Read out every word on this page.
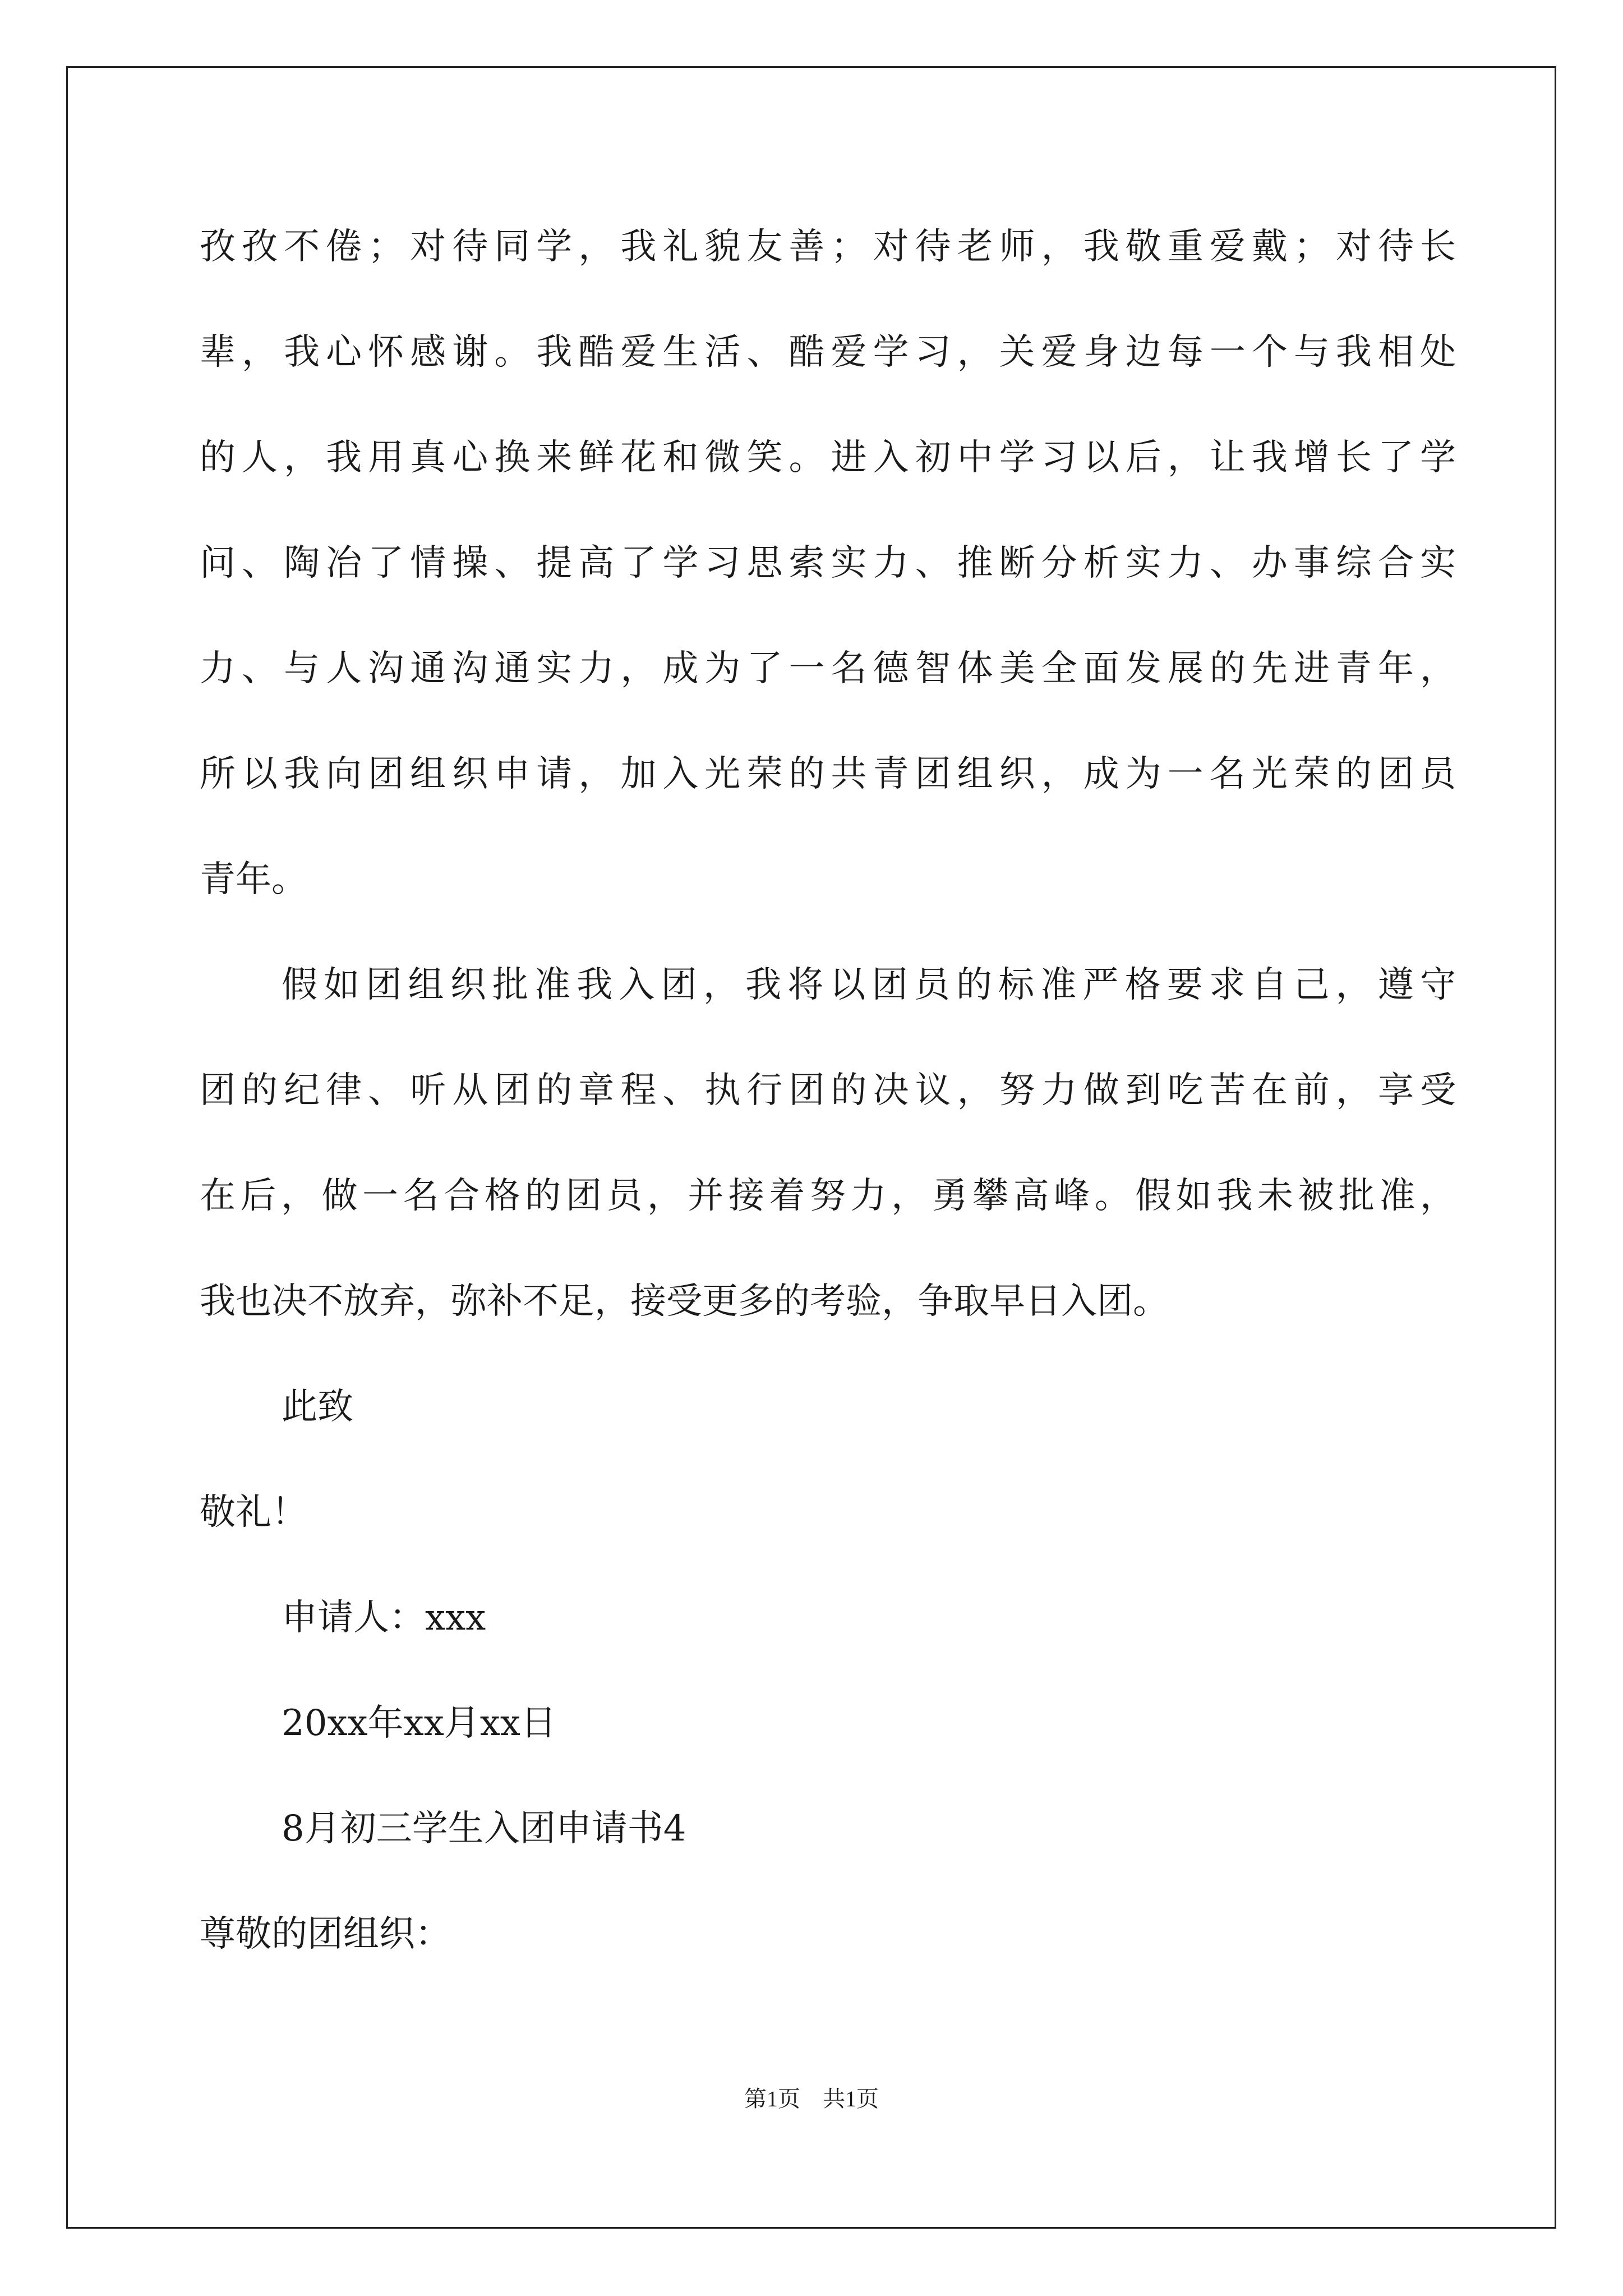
孜孜不倦；对待同学，我礼貌友善；对待老师，我敬重爱戴；对待长
辈，我心怀感谢。我酷爱生活、酷爱学习，关爱身边每一个与我相处
的人，我用真心换来鲜花和微笑。进入初中学习以后，让我增长了学
问、陶冶了情操、提高了学习思索实力、推断分析实力、办事综合实
力、与人沟通沟通实力，成为了一名德智体美全面发展的先进青年，
所以我向团组织申请，加入光荣的共青团组织，成为一名光荣的团员
青年。
假如团组织批准我入团，我将以团员的标准严格要求自己，遵守
团的纪律、听从团的章程、执行团的决议，努力做到吃苦在前，享受
在后，做一名合格的团员，并接着努力，勇攀高峰。假如我未被批准，
我也决不放弃，弥补不足，接受更多的考验，争取早日入团。
此致
敬礼！
申请人：xxx
20xx年xx月xx日
8月初三学生入团申请书4
尊敬的团组织：
第1页　共1页
